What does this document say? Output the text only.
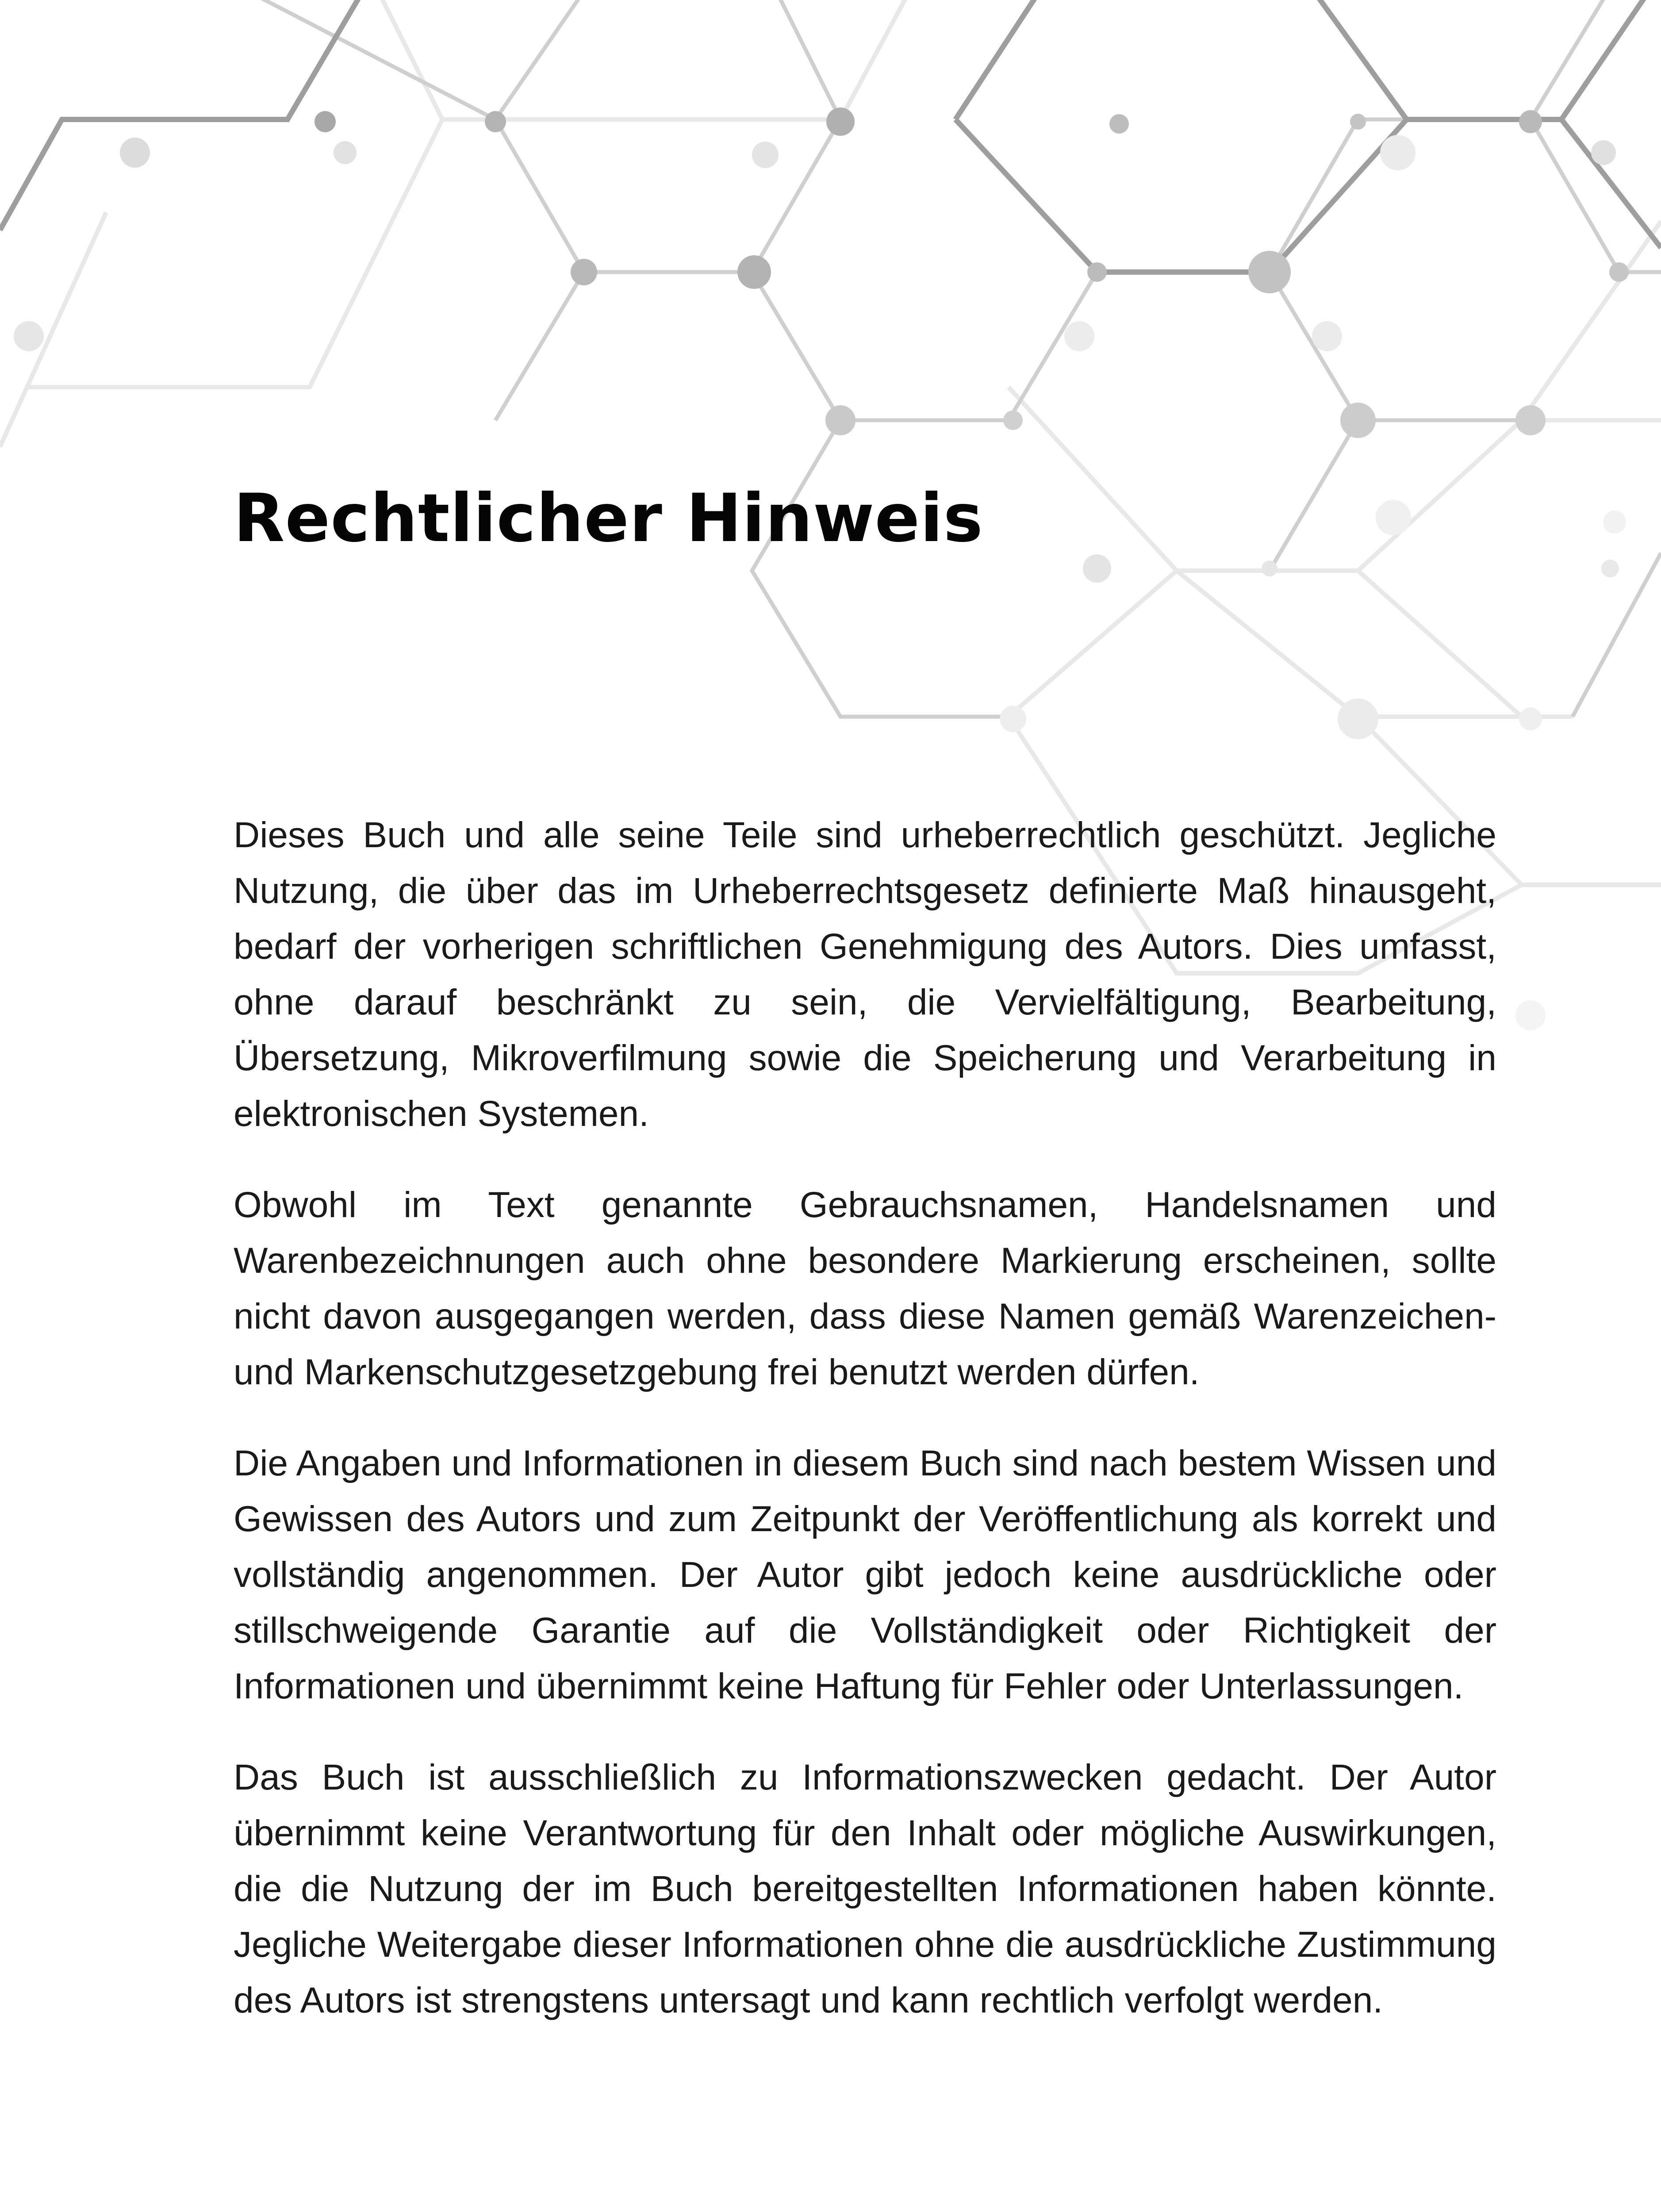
Rechtlicher Hinweis

Dieses Buch und alle seine Teile sind urheberrechtlich geschützt. Jegliche Nutzung, die über das im Urheberrechtsgesetz definierte Maß hinausgeht, bedarf der vorherigen schriftlichen Genehmigung des Autors. Dies umfasst, ohne darauf beschränkt zu sein, die Vervielfältigung, Bearbeitung, Übersetzung, Mikroverfilmung sowie die Speicherung und Verarbeitung in elektronischen Systemen.

Obwohl im Text genannte Gebrauchsnamen, Handelsnamen und Warenbezeichnungen auch ohne besondere Markierung erscheinen, sollte nicht davon ausgegangen werden, dass diese Namen gemäß Warenzeichen- und Markenschutzgesetzgebung frei benutzt werden dürfen.

Die Angaben und Informationen in diesem Buch sind nach bestem Wissen und Gewissen des Autors und zum Zeitpunkt der Veröffentlichung als korrekt und vollständig angenommen. Der Autor gibt jedoch keine ausdrückliche oder stillschweigende Garantie auf die Vollständigkeit oder Richtigkeit der Informationen und übernimmt keine Haftung für Fehler oder Unterlassungen.

Das Buch ist ausschließlich zu Informationszwecken gedacht. Der Autor übernimmt keine Verantwortung für den Inhalt oder mögliche Auswirkungen, die die Nutzung der im Buch bereitgestellten Informationen haben könnte. Jegliche Weitergabe dieser Informationen ohne die ausdrückliche Zustimmung des Autors ist strengstens untersagt und kann rechtlich verfolgt werden.
